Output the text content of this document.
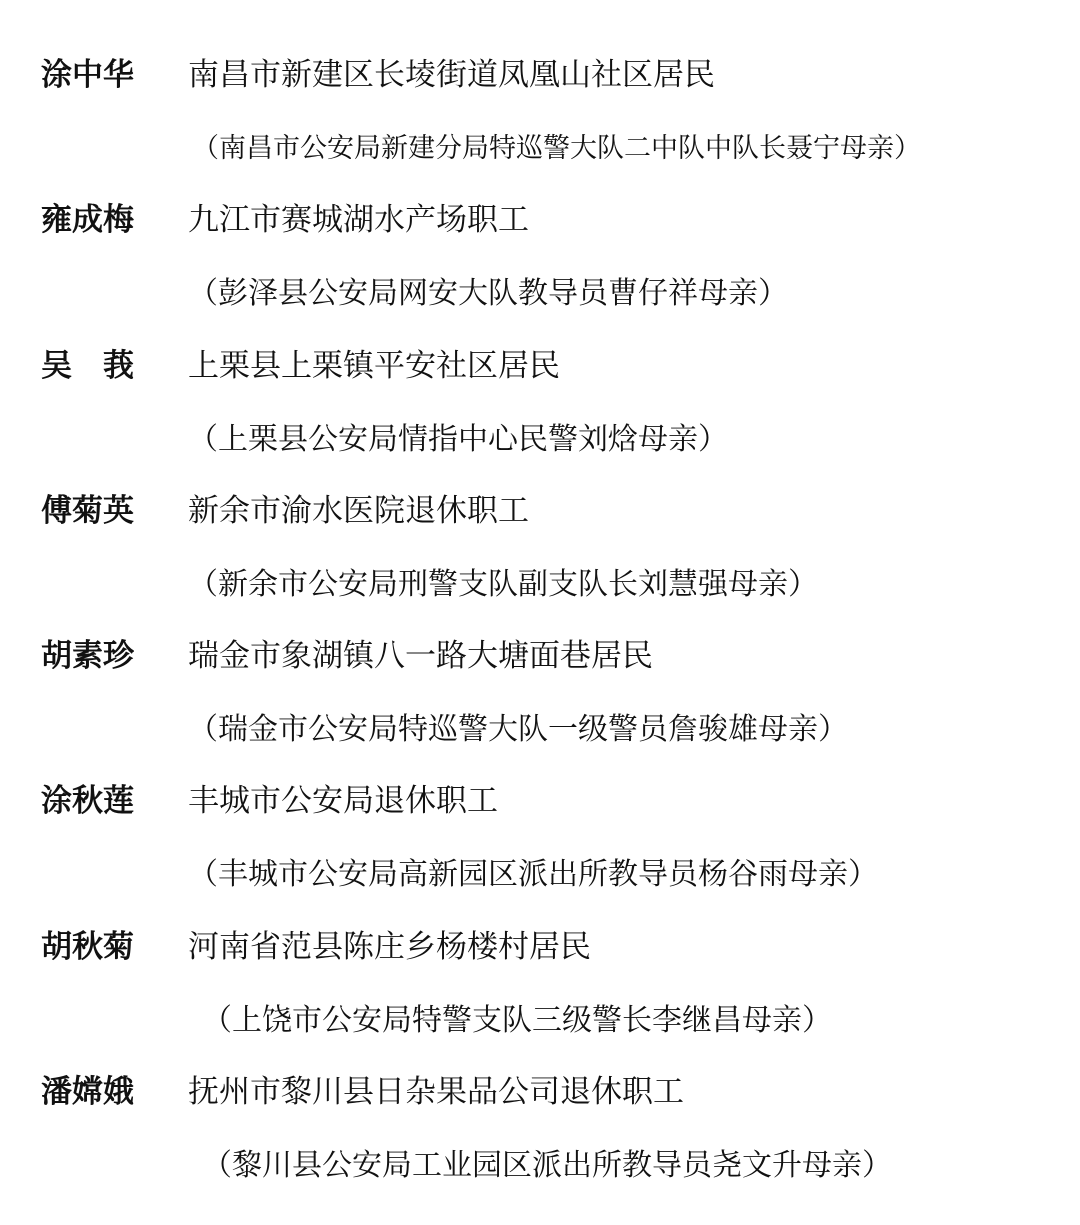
涂中华 南昌市新建区长堎街道凤凰山社区居民
（南昌市公安局新建分局特巡警大队二中队中队长聂宁母亲）
雍成梅 九江市赛城湖水产场职工
（彭泽县公安局网安大队教导员曹仔祥母亲）
吴　莪 上栗县上栗镇平安社区居民
（上栗县公安局情指中心民警刘焓母亲）
傅菊英 新余市渝水医院退休职工
（新余市公安局刑警支队副支队长刘慧强母亲）
胡素珍 瑞金市象湖镇八一路大塘面巷居民
（瑞金市公安局特巡警大队一级警员詹骏雄母亲）
涂秋莲 丰城市公安局退休职工
（丰城市公安局高新园区派出所教导员杨谷雨母亲）
胡秋菊 河南省范县陈庄乡杨楼村居民
（上饶市公安局特警支队三级警长李继昌母亲）
潘嫦娥 抚州市黎川县日杂果品公司退休职工
（黎川县公安局工业园区派出所教导员尧文升母亲）
